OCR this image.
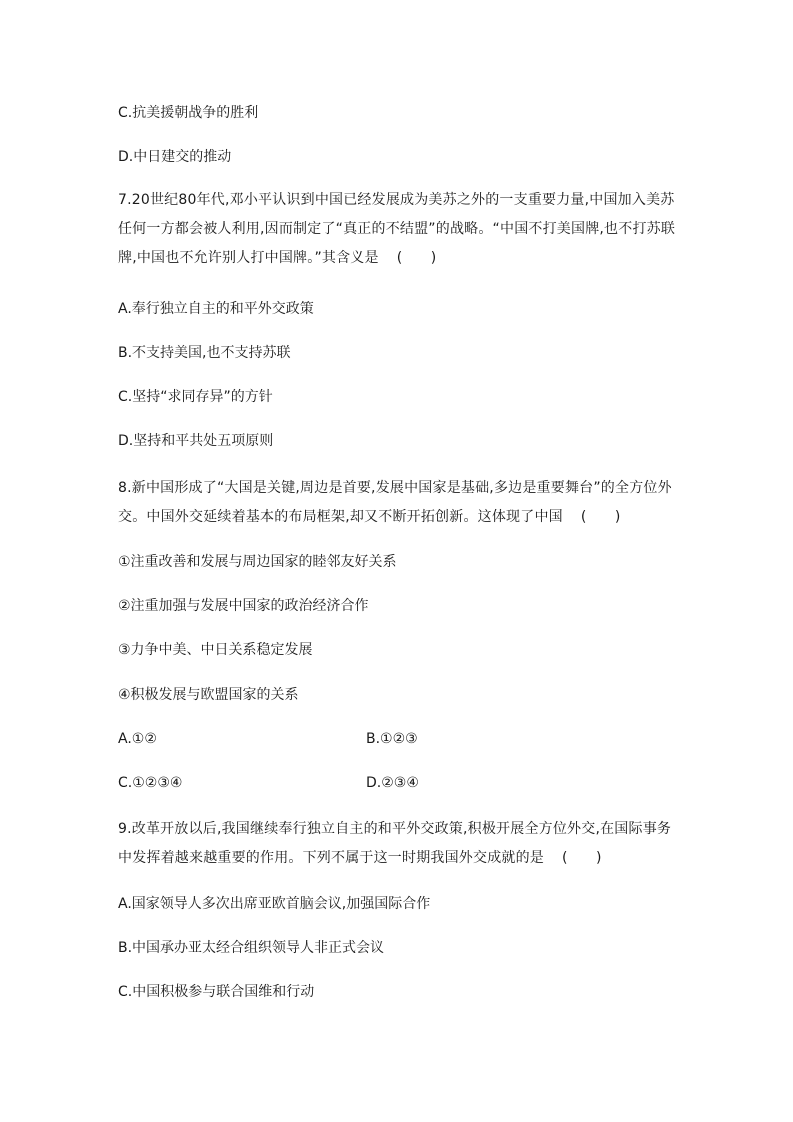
C.抗美援朝战争的胜利
D.中日建交的推动
7.20世纪80年代,邓小平认识到中国已经发展成为美苏之外的一支重要力量,中国加入美苏任何一方都会被人利用,因而制定了“真正的不结盟”的战略。“中国不打美国牌,也不打苏联牌,中国也不允许别人打中国牌。”其含义是 (　　)
A.奉行独立自主的和平外交政策
B.不支持美国,也不支持苏联
C.坚持“求同存异”的方针
D.坚持和平共处五项原则
8.新中国形成了“大国是关键,周边是首要,发展中国家是基础,多边是重要舞台”的全方位外交。中国外交延续着基本的布局框架,却又不断开拓创新。这体现了中国 (　　)
①注重改善和发展与周边国家的睦邻友好关系
②注重加强与发展中国家的政治经济合作
③力争中美、中日关系稳定发展
④积极发展与欧盟国家的关系
A.①②	B.①②③
C.①②③④	D.②③④
9.改革开放以后,我国继续奉行独立自主的和平外交政策,积极开展全方位外交,在国际事务中发挥着越来越重要的作用。下列不属于这一时期我国外交成就的是 (　　)
A.国家领导人多次出席亚欧首脑会议,加强国际合作
B.中国承办亚太经合组织领导人非正式会议
C.中国积极参与联合国维和行动
